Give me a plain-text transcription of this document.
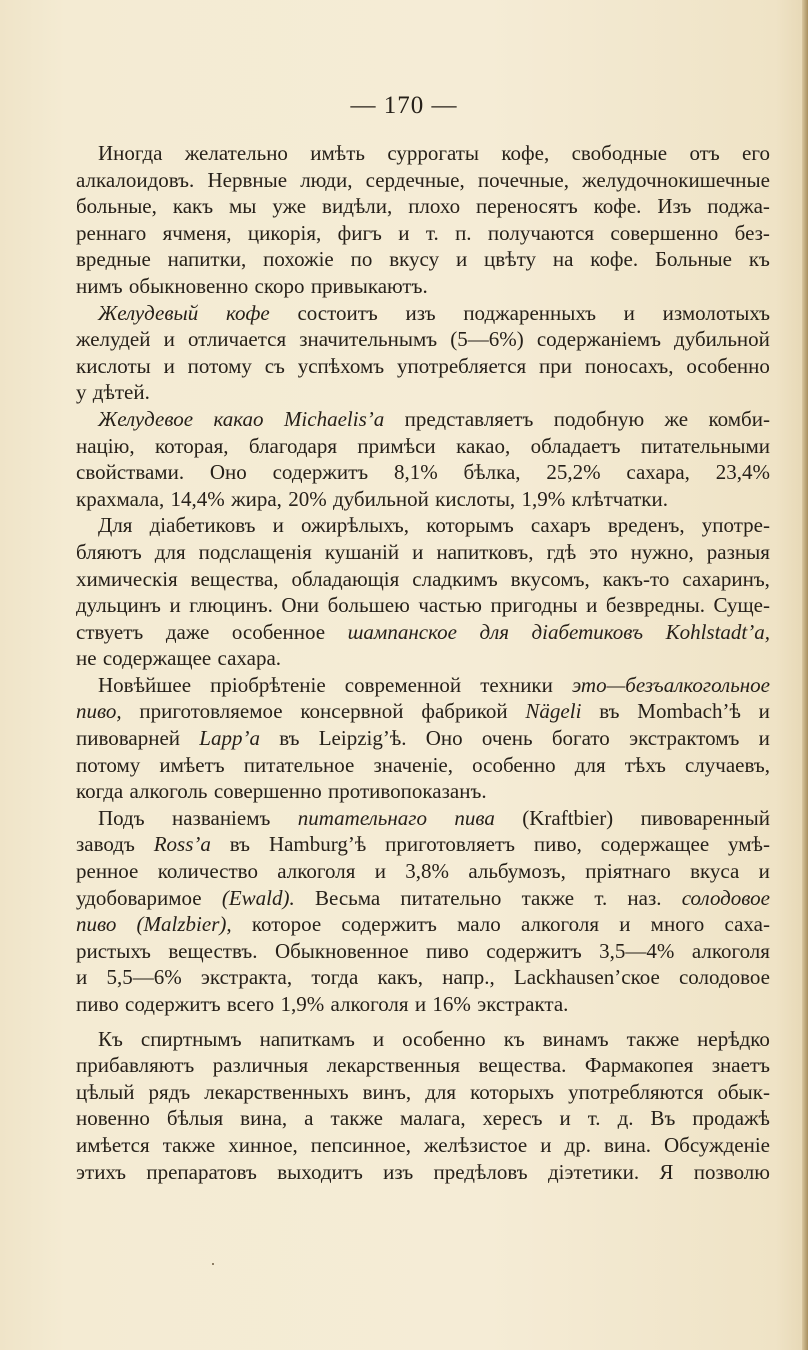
— 170 —
Иногда желательно имѣть суррогаты кофе, свободные отъ его
алкалоидовъ. Нервные люди, сердечные, почечные, желудочнокишечные
больные, какъ мы уже видѣли, плохо переносятъ кофе. Изъ поджа-
реннаго ячменя, цикорія, фигъ и т. п. получаются совершенно без-
вредные напитки, похожіе по вкусу и цвѣту на кофе. Больные къ
нимъ обыкновенно скоро привыкаютъ.
Желудевый кофе состоитъ изъ поджаренныхъ и измолотыхъ
желудей и отличается значительнымъ (5—6%) содержаніемъ дубильной
кислоты и потому съ успѣхомъ употребляется при поносахъ, особенно
у дѣтей.
Желудевое какао Michaelis’а представляетъ подобную же комби-
націю, которая, благодаря примѣси какао, обладаетъ питательными
свойствами. Оно содержитъ 8,1% бѣлка, 25,2% сахара, 23,4%
крахмала, 14,4% жира, 20% дубильной кислоты, 1,9% клѣтчатки.
Для діабетиковъ и ожирѣлыхъ, которымъ сахаръ вреденъ, употре-
бляютъ для подслащенія кушаній и напитковъ, гдѣ это нужно, разныя
химическія вещества, обладающія сладкимъ вкусомъ, какъ-то сахаринъ,
дульцинъ и глюцинъ. Они большею частью пригодны и безвредны. Суще-
ствуетъ даже особенное шампанское для діабетиковъ Kohlstadt’а,
не содержащее сахара.
Новѣйшее пріобрѣтеніе современной техники это—безъалкогольное
пиво, приготовляемое консервной фабрикой Nägeli въ Mombach’ѣ и
пивоварней Lapp’а въ Leipzig’ѣ. Оно очень богато экстрактомъ и
потому имѣетъ питательное значеніе, особенно для тѣхъ случаевъ,
когда алкоголь совершенно противопоказанъ.
Подъ названіемъ питательнаго пива (Kraftbier) пивоваренный
заводъ Ross’а въ Hamburg’ѣ приготовляетъ пиво, содержащее умѣ-
ренное количество алкоголя и 3,8% альбумозъ, пріятнаго вкуса и
удобоваримое (Ewald). Весьма питательно также т. наз. солодовое
пиво (Malzbier), которое содержитъ мало алкоголя и много саха-
ристыхъ веществъ. Обыкновенное пиво содержитъ 3,5—4% алкоголя
и 5,5—6% экстракта, тогда какъ, напр., Lackhausen’ское солодовое
пиво содержитъ всего 1,9% алкоголя и 16% экстракта.
Къ спиртнымъ напиткамъ и особенно къ винамъ также нерѣдко
прибавляютъ различныя лекарственныя вещества. Фармакопея знаетъ
цѣлый рядъ лекарственныхъ винъ, для которыхъ употребляются обык-
новенно бѣлыя вина, а также малага, хересъ и т. д. Въ продажѣ
имѣется также хинное, пепсинное, желѣзистое и др. вина. Обсужденіе
этихъ препаратовъ выходитъ изъ предѣловъ діэтетики. Я позволю
